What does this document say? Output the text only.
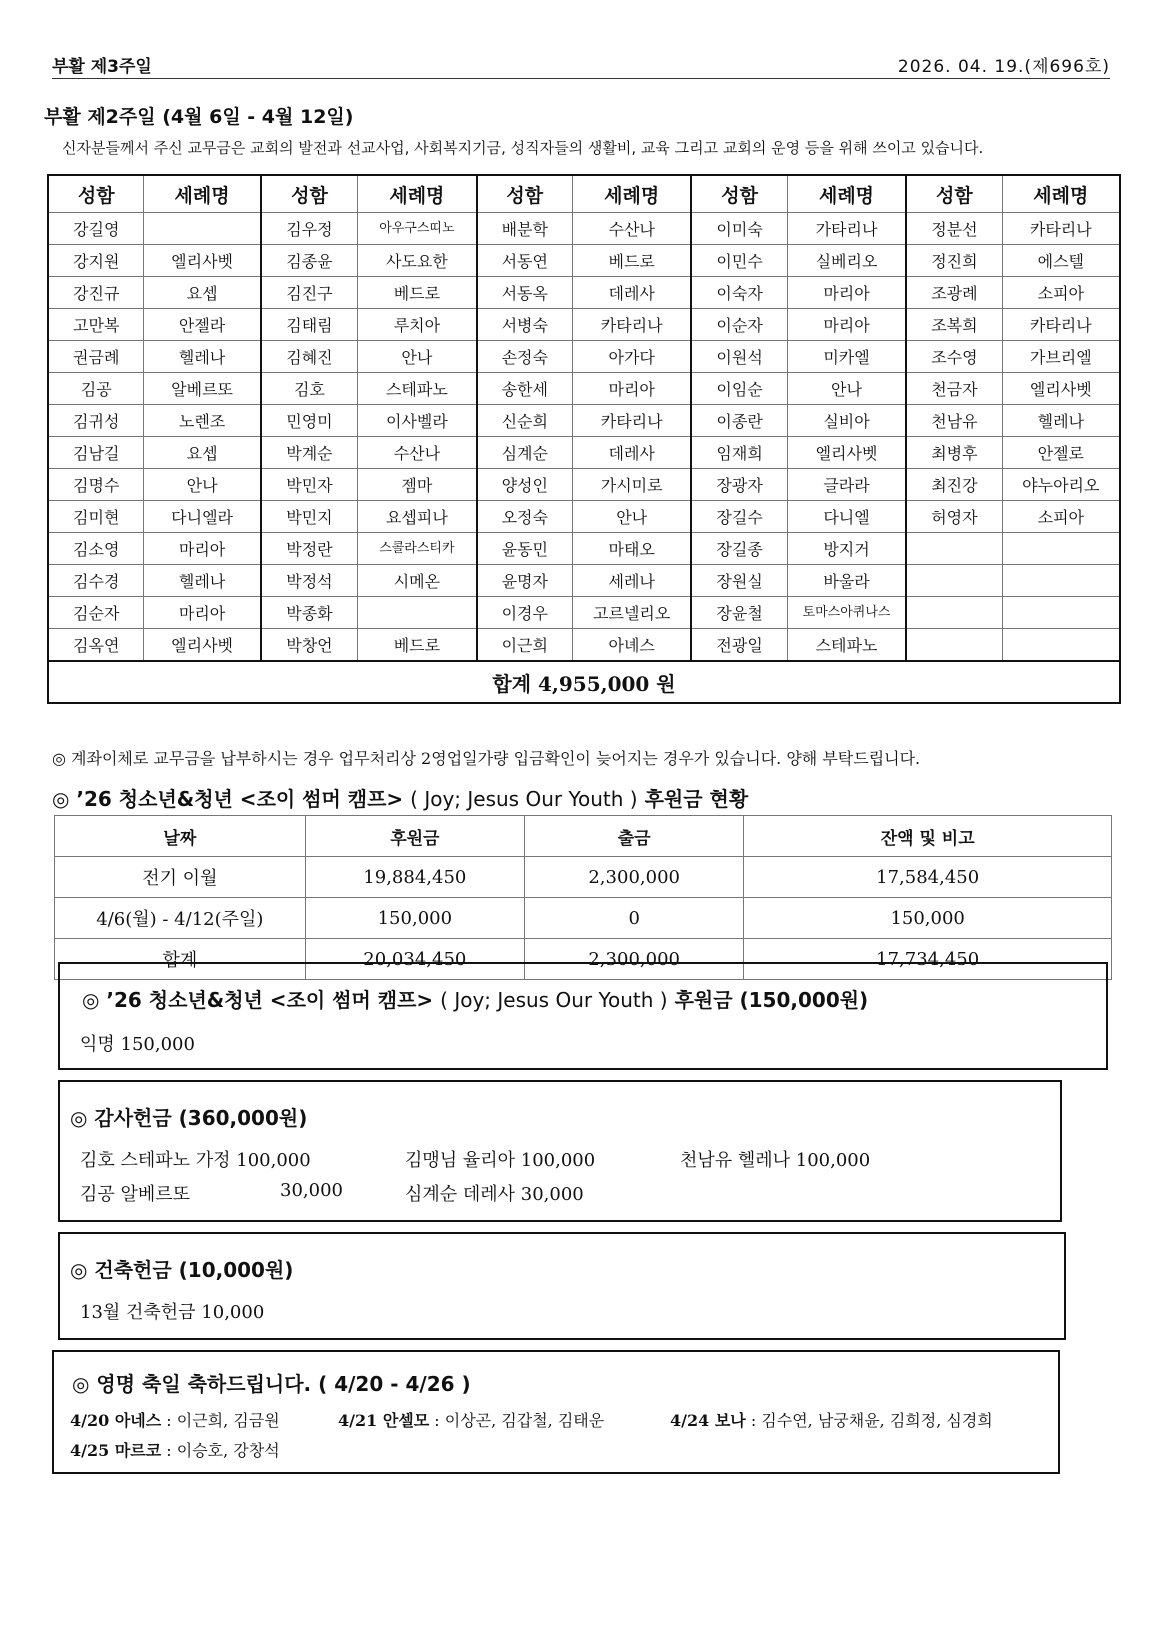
부활 제3주일	2026. 04. 19.(제696호)
부활 제2주일 (4월 6일 - 4월 12일)
신자분들께서 주신 교무금은 교회의 발전과 선교사업, 사회복지기금, 성직자들의 생활비, 교육 그리고 교회의 운영 등을 위해 쓰이고 있습니다.
성함	세례명	성함	세례명	성함	세례명	성함	세례명	성함	세례명
강길영		김우정	아우구스띠노	배분학	수산나	이미숙	가타리나	정분선	카타리나
강지원	엘리사벳	김종윤	사도요한	서동연	베드로	이민수	실베리오	정진희	에스텔
강진규	요셉	김진구	베드로	서동옥	데레사	이숙자	마리아	조광례	소피아
고만복	안젤라	김태림	루치아	서병숙	카타리나	이순자	마리아	조복희	카타리나
권금례	헬레나	김혜진	안나	손정숙	아가다	이원석	미카엘	조수영	가브리엘
김공	알베르또	김호	스테파노	송한세	마리아	이임순	안나	천금자	엘리사벳
김귀성	노렌조	민영미	이사벨라	신순희	카타리나	이종란	실비아	천남유	헬레나
김남길	요셉	박계순	수산나	심계순	데레사	임재희	엘리사벳	최병후	안젤로
김명수	안나	박민자	젬마	양성인	가시미로	장광자	글라라	최진강	야누아리오
김미현	다니엘라	박민지	요셉피나	오정숙	안나	장길수	다니엘	허영자	소피아
김소영	마리아	박정란	스콜라스티카	윤동민	마태오	장길종	방지거		
김수경	헬레나	박정석	시메온	윤명자	세레나	장원실	바울라		
김순자	마리아	박종화		이경우	고르넬리오	장윤철	토마스아퀴나스		
김옥연	엘리사벳	박창언	베드로	이근희	아녜스	전광일	스테파노		
합계 4,955,000 원									
◎ 계좌이체로 교무금을 납부하시는 경우 업무처리상 2영업일가량 입금확인이 늦어지는 경우가 있습니다. 양해 부탁드립니다.
◎ ’26 청소년&청년 <조이 썸머 캠프> ( Joy; Jesus Our Youth ) 후원금 현황
날짜	후원금	출금	잔액 및 비고
전기 이월	19,884,450	2,300,000	17,584,450
4/6(월) - 4/12(주일)	150,000	0	150,000
합계	20,034,450	2,300,000	17,734,450
◎ ’26 청소년&청년 <조이 썸머 캠프> ( Joy; Jesus Our Youth ) 후원금 (150,000원)
익명 150,000
◎ 감사헌금 (360,000원)
김호 스테파노 가정 100,000	김맹님 율리아 100,000	천남유 헬레나 100,000
김공 알베르또	30,000	심계순 데레사 30,000
◎ 건축헌금 (10,000원)
13월 건축헌금 10,000
◎ 영명 축일 축하드립니다. ( 4/20 - 4/26 )
4/20 아네스 : 이근희, 김금원	4/21 안셀모 : 이상곤, 김갑철, 김태운	4/24 보나 : 김수연, 남궁채윤, 김희정, 심경희
4/25 마르코 : 이승호, 강창석
